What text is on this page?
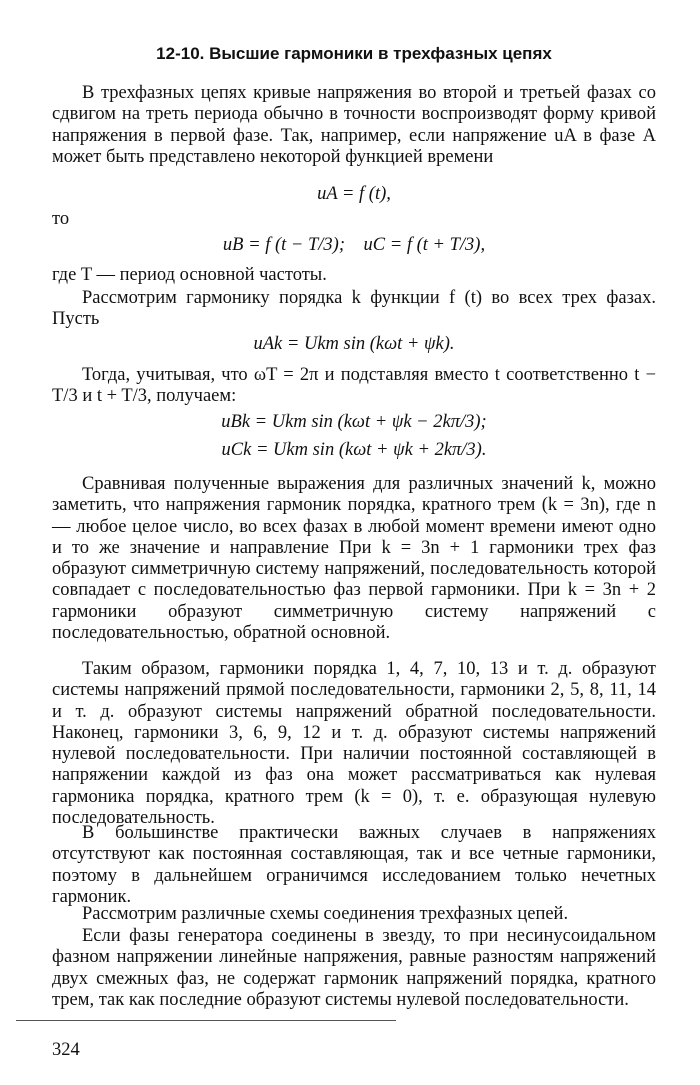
12-10. Высшие гармоники в трехфазных цепях

В трехфазных цепях кривые напряжения во второй и третьей фазах со сдвигом на треть периода обычно в точности воспроизводят форму кривой напряжения в первой фазе. Так, например, если напряжение uA в фазе A может быть представлено некоторой функцией времени

uA = f (t),

то

uB = f (t − T/3);    uC = f (t + T/3),

где T — период основной частоты.

Рассмотрим гармонику порядка k функции f (t) во всех трех фазах. Пусть

uAk = Ukm sin (kωt + ψk).

Тогда, учитывая, что ωT = 2π и подставляя вместо t соответственно t − T/3 и t + T/3, получаем:

uBk = Ukm sin (kωt + ψk − 2kπ/3);
uCk = Ukm sin (kωt + ψk + 2kπ/3).

Сравнивая полученные выражения для различных значений k, можно заметить, что напряжения гармоник порядка, кратного трем (k = 3n), где n — любое целое число, во всех фазах в любой момент времени имеют одно и то же значение и направление При k = 3n + 1 гармоники трех фаз образуют симметричную систему напряжений, последовательность которой совпадает с последовательностью фаз первой гармоники. При k = 3n + 2 гармоники образуют симметричную систему напряжений с последовательностью, обратной основной.

Таким образом, гармоники порядка 1, 4, 7, 10, 13 и т. д. образуют системы напряжений прямой последовательности, гармоники 2, 5, 8, 11, 14 и т. д. образуют системы напряжений обратной последовательности. Наконец, гармоники 3, 6, 9, 12 и т. д. образуют системы напряжений нулевой последовательности. При наличии постоянной составляющей в напряжении каждой из фаз она может рассматриваться как нулевая гармоника порядка, кратного трем (k = 0), т. е. образующая нулевую последовательность.

В большинстве практически важных случаев в напряжениях отсутствуют как постоянная составляющая, так и все четные гармоники, поэтому в дальнейшем ограничимся исследованием только нечетных гармоник.

Рассмотрим различные схемы соединения трехфазных цепей.

Если фазы генератора соединены в звезду, то при несинусоидальном фазном напряжении линейные напряжения, равные разностям напряжений двух смежных фаз, не содержат гармоник напряжений порядка, кратного трем, так как последние образуют системы нулевой последовательности.

324
